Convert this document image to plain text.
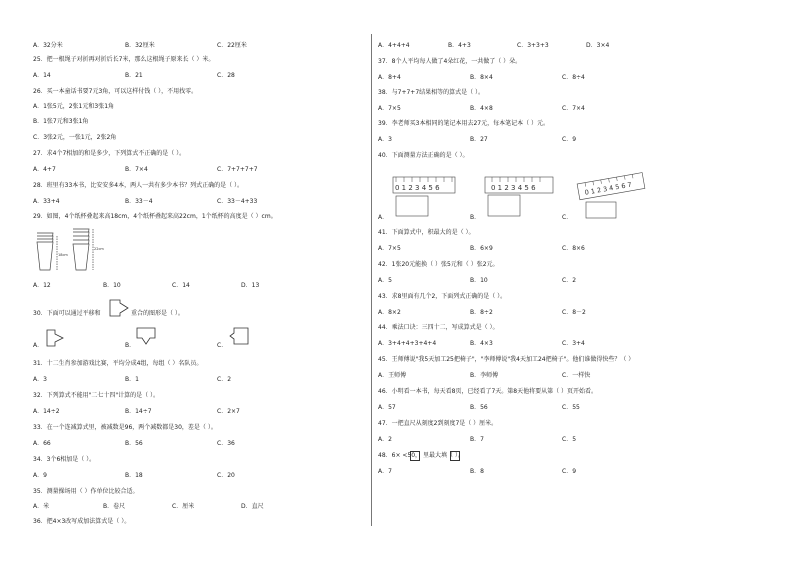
A．32分米	B．32厘米	C．22厘米
25．把一根绳子对折再对折后长7米，那么这根绳子原来长（ ）米。
A．14	B．21	C．28
26．买一本童话书要7元3角，可以这样付钱（ ），不用找零。
A．1张5元，2张1元和3张1角
B．1张7元和3张1角
C．3张2元，一张1元，2张2角
27．求4个7相加的和是多少，下列算式不正确的是（ ）。
A．4+7	B．7×4	C．7+7+7+7
28．班里有33本书，比安安多4本，两人一共有多少本书？列式正确的是（ ）。
A．33+4	B．33－4	C．33－4+33
29．如图，4个纸杯叠起来高18cm，4个纸杯叠起来高22cm，1个纸杯的高度是（ ）cm。
18cm
22cm
A．12	B．10	C．14	D．13
30．下面可以通过平移和	重合的图形是（ ）。
A．	B．	C．
31．十二生肖参加游戏比赛，平均分成4组，每组（ ）名队员。
A．3	B．1	C．2
32．下列算式不能用"二七十四"计算的是（ ）。
A．14÷2	B．14÷7	C．2×7
33．在一个连减算式里，被减数是96，两个减数都是30，差是（ ）。
A．66	B．56	C．36
34．3个6相加是（ ）。
A．9	B．18	C．20
35．测量操场用（ ）作单位比较合适。
A．米	B．卷尺	C．厘米	D．直尺
36．把4×3改写成加法算式是（ ）。
A．4+4+4	B．4+3	C．3+3+3	D．3×4
37．8个人平均每人做了4朵红花，一共做了（ ）朵。
A．8+4	B．8×4	C．8÷4
38．与7+7+7结果相等的算式是（ ）。
A．7×5	B．4×8	C．7×4
39．李老师买3本相同的笔记本用去27元，每本笔记本（ ）元。
A．3	B．27	C．9
40．下面测量方法正确的是（ ）。
0 1 2 3 4 5 6	0 1 2 3 4 5 6	0 1 2 3 4 5 6 7
A．	B．	C．
41．下面算式中，积最大的是（ ）。
A．7×5	B．6×9	C．8×6
42．1张20元能换（ ）张5元和（ ）张2元。
A．5	B．10	C．2
43．求8里面有几个2，下面列式正确的是（ ）。
A．8×2	B．8÷2	C．8－2
44．乘法口诀：三四十二，写成算式是（ ）。
A．3+4+4+3+4+4	B．4×3	C．3+4
45．王师傅说"我5天加工25把椅子"，"李师傅说"我4天加工24把椅子"。他们谁做得快些？（ ）
A．王师傅	B．李师傅	C．一样快
46．小明看一本书，每天看8页，已经看了7天。第8天他将要从第（ ）页开始看。
A．57	B．56	C．55
47．一把直尺从刻度2到刻度7是（ ）厘米。
A．2	B．7	C．5
48．6× <50， 里最大填（ ）。
A．7	B．8	C．9
